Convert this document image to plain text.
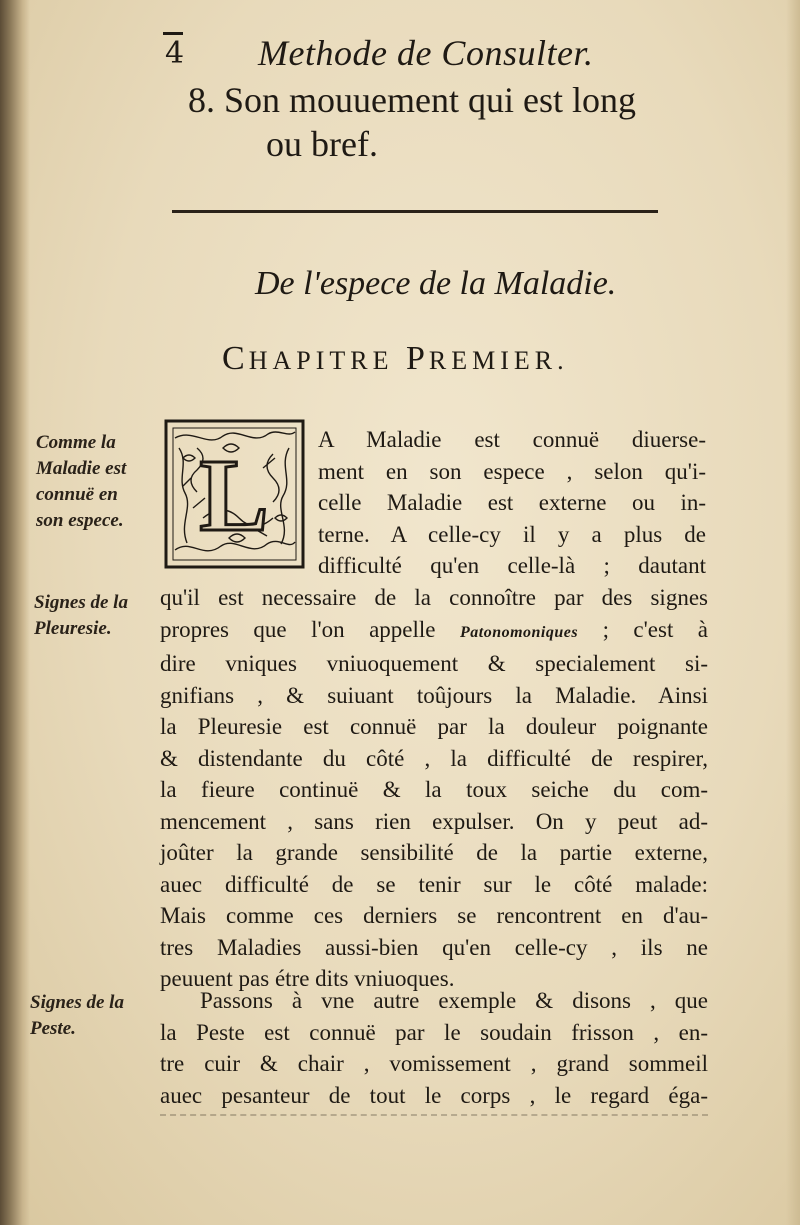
4 Methode de Consulter.
8. Son mouuement qui est long
ou bref.
De l'espece de la Maladie.
CHAPITRE PREMIER.
Comme la
Maladie est
connuë en
son espece.
Signes de la
Pleuresie.
Signes de la
Peste.
L A Maladie est connuë diuerse-
ment en son espece , selon qu'i-
celle Maladie est externe ou in-
terne. A celle-cy il y a plus de
difficulté qu'en celle-là ; dautant
qu'il est necessaire de la connoître par des signes
propres que l'on appelle Patonomoniques ; c'est à
dire vniques vniuoquement & specialement si-
gnifians , & suiuant toûjours la Maladie. Ainsi
la Pleuresie est connuë par la douleur poignante
& distendante du côté , la difficulté de respirer,
la fieure continuë & la toux seiche du com-
mencement , sans rien expulser. On y peut ad-
joûter la grande sensibilité de la partie externe,
auec difficulté de se tenir sur le côté malade:
Mais comme ces derniers se rencontrent en d'au-
tres Maladies aussi-bien qu'en celle-cy , ils ne
peuuent pas étre dits vniuoques.
Passons à vne autre exemple & disons , que
la Peste est connuë par le soudain frisson , en-
tre cuir & chair , vomissement , grand sommeil
auec pesanteur de tout le corps , le regard éga-
